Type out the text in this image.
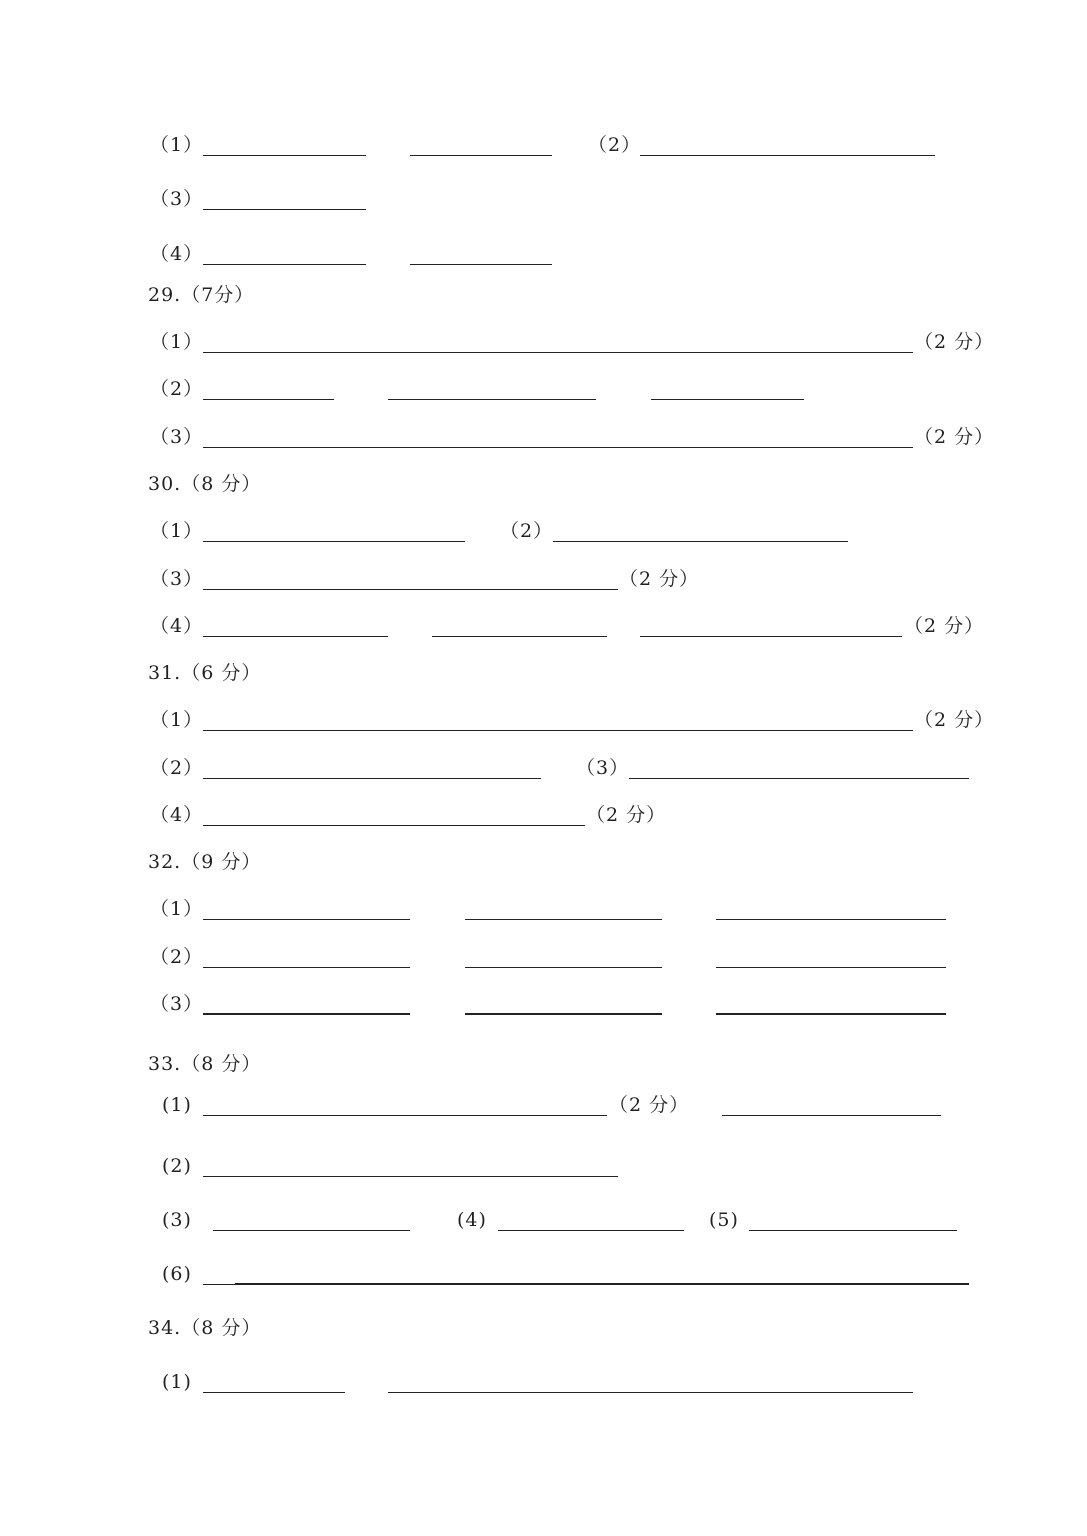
（1）	（2）
（3）
（4）
29.（7分）
（1）	（2 分）
（2）
（3）	（2 分）
30.（8 分）
（1）	（2）
（3）	（2 分）
（4）	（2 分）
31.（6 分）
（1）	（2 分）
（2）	（3）
（4）	（2 分）
32.（9 分）
（1）
（2）
（3）
33.（8 分）
(1)	（2 分）
(2)
(3)	(4)	(5)
(6)
34.（8 分）
(1)
